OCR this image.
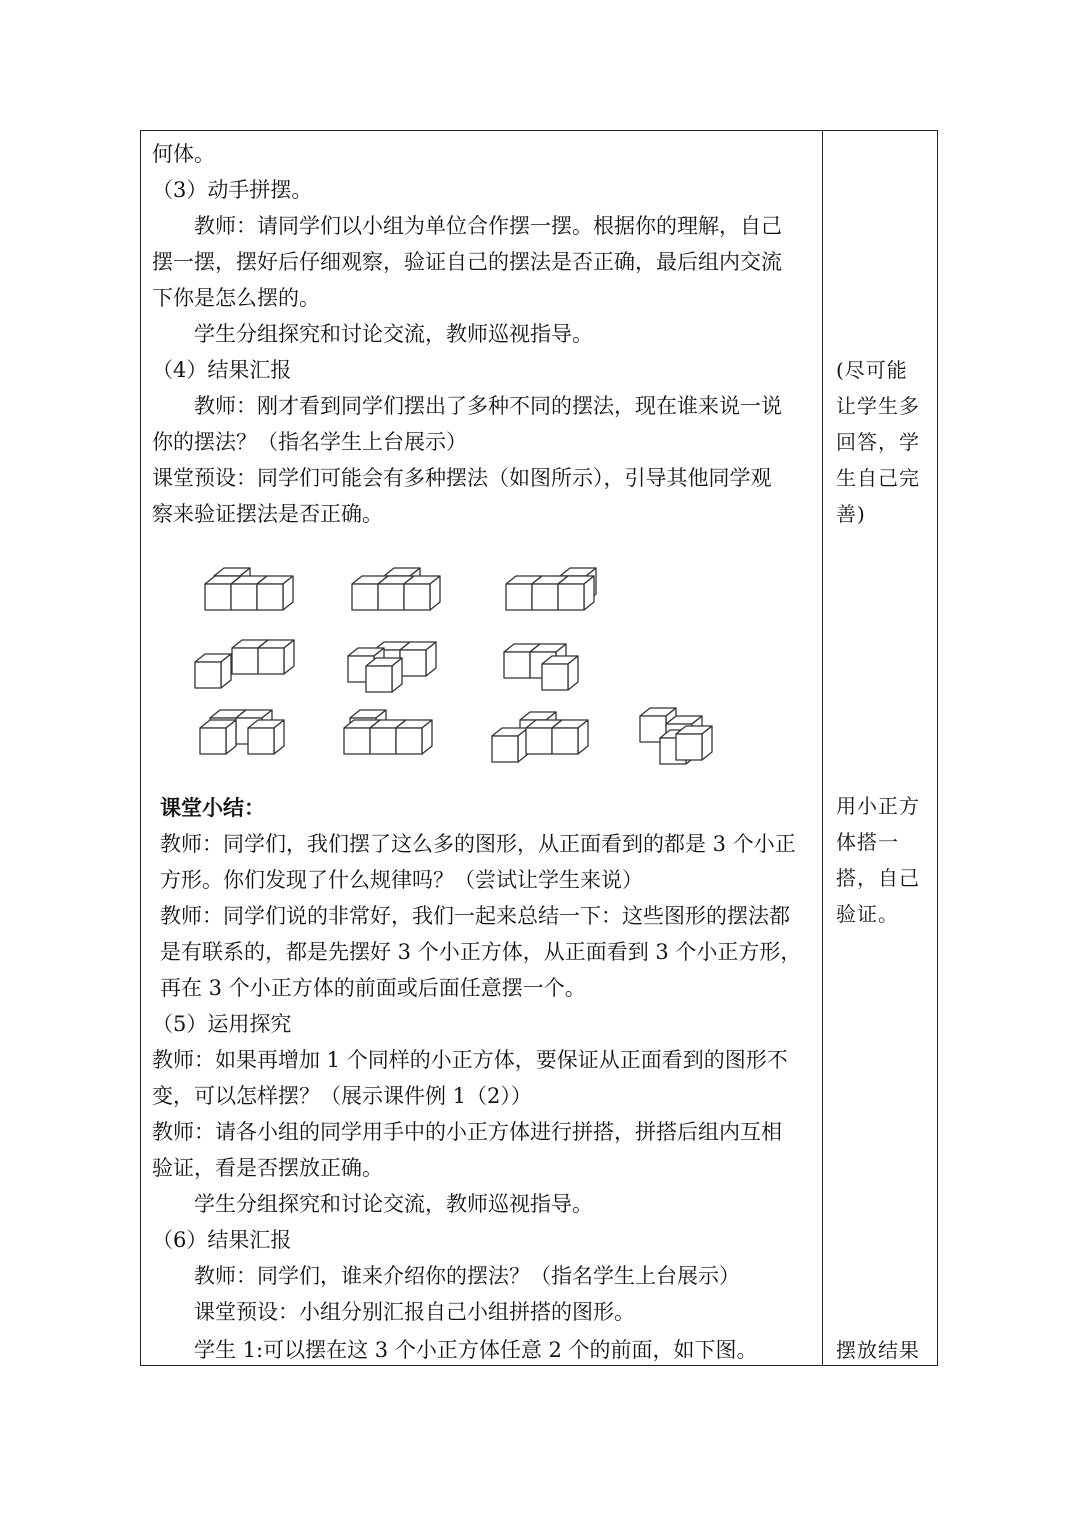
何体。
（3）动手拼摆。
教师：请同学们以小组为单位合作摆一摆。根据你的理解，自己
摆一摆，摆好后仔细观察，验证自己的摆法是否正确，最后组内交流
下你是怎么摆的。
学生分组探究和讨论交流，教师巡视指导。
（4）结果汇报
教师：刚才看到同学们摆出了多种不同的摆法，现在谁来说一说
你的摆法？（指名学生上台展示）
课堂预设：同学们可能会有多种摆法（如图所示），引导其他同学观
察来验证摆法是否正确。
课堂小结：
教师：同学们，我们摆了这么多的图形，从正面看到的都是 3 个小正
方形。你们发现了什么规律吗？（尝试让学生来说）
教师：同学们说的非常好，我们一起来总结一下：这些图形的摆法都
是有联系的，都是先摆好 3 个小正方体，从正面看到 3 个小正方形，
再在 3 个小正方体的前面或后面任意摆一个。
（5）运用探究
教师：如果再增加 1 个同样的小正方体，要保证从正面看到的图形不
变，可以怎样摆？（展示课件例 1（2））
教师：请各小组的同学用手中的小正方体进行拼搭，拼搭后组内互相
验证，看是否摆放正确。
学生分组探究和讨论交流，教师巡视指导。
（6）结果汇报
教师：同学们，谁来介绍你的摆法？（指名学生上台展示）
课堂预设：小组分别汇报自己小组拼搭的图形。
学生 1:可以摆在这 3 个小正方体任意 2 个的前面，如下图。
(尽可能
让学生多
回答，学
生自己完
善)
用小正方
体搭一
搭，自己
验证。
摆放结果
